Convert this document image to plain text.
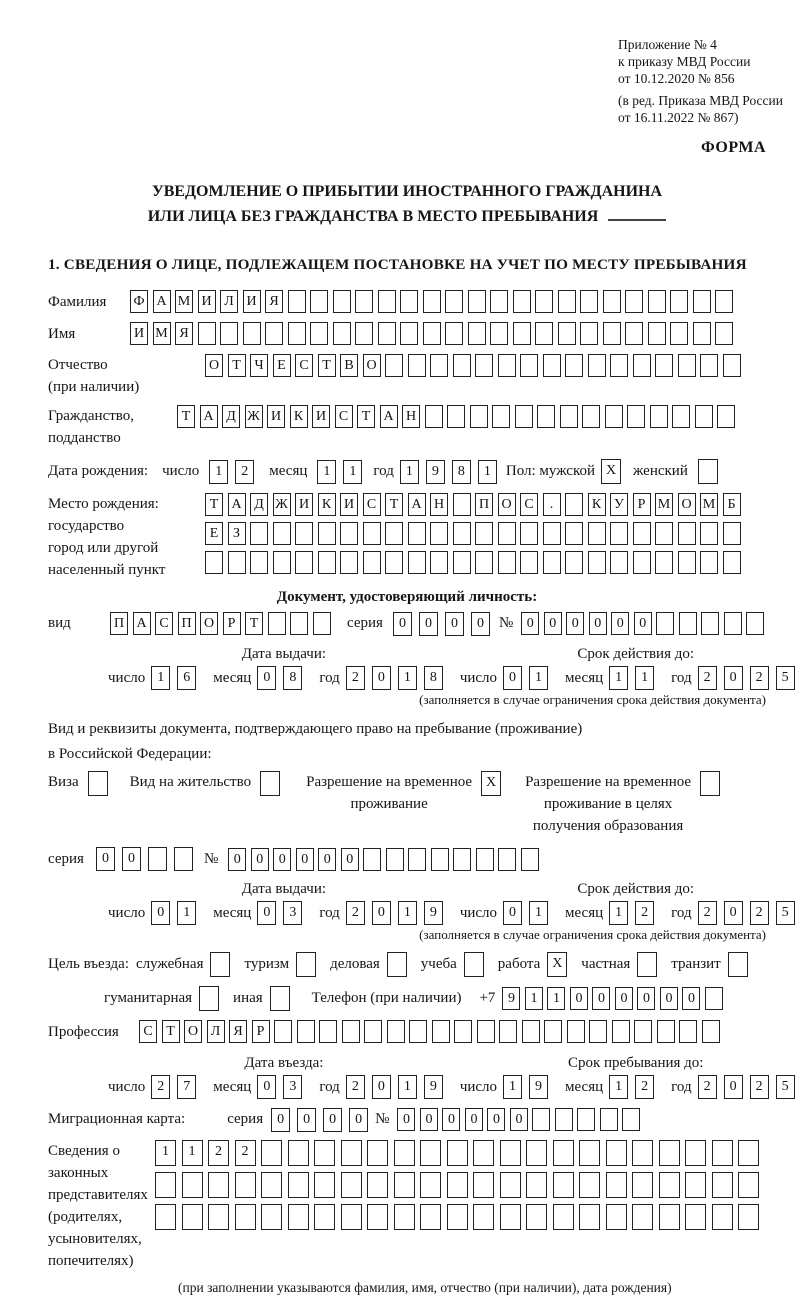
Приложение № 4
к приказу МВД России
от 10.12.2020 № 856
(в ред. Приказа МВД России
от 16.11.2022 № 867)
ФОРМА
УВЕДОМЛЕНИЕ О ПРИБЫТИИ ИНОСТРАННОГО ГРАЖДАНИНА
ИЛИ ЛИЦА БЕЗ ГРАЖДАНСТВА В МЕСТО ПРЕБЫВАНИЯ
1. СВЕДЕНИЯ О ЛИЦЕ, ПОДЛЕЖАЩЕМ ПОСТАНОВКЕ НА УЧЕТ ПО МЕСТУ ПРЕБЫВАНИЯ
Фамилия	Ф А М И Л И Я
Имя	И М Я
Отчество
(при наличии)
О Т Ч Е С Т В О
Гражданство,
подданство
Т А Д Ж И К И С Т А Н
Дата рождения: число	1	2	месяц	1	1	год 1	9	8	1	Пол: мужской X	женский
Место рождения:
государство
город или другой
населенный пункт
Т А Д Ж И К И С Т А Н П О С	.	К У Р М О М Б

Е	З

Документ, удостоверяющий личность:
вид	П А С П О Р	Т	серия	0	0	0	0	№ 0	0	0	0	0	0
Дата выдачи:
число 1	6	месяц 0	8	год 2	0	1	8
Срок действия до:
число 0	1	месяц 1	1	год 2	0	2	5
(заполняется в случае ограничения срока действия документа)
Вид и реквизиты документа, подтверждающего право на пребывание (проживание)
в Российской Федерации:
Виза	Вид на жительство	Разрешение на временное
проживание
X	Разрешение на временное
проживание в целях
получения образования
серия	0	0	№	0	0	0	0	0	0
Дата выдачи:
число 0	1	месяц 0	3	год 2	0	1	9
Срок действия до:
число 0	1	месяц 1	2	год 2	0	2	5
(заполняется в случае ограничения срока действия документа)
Цель въезда: служебная	туризм	деловая	учеба	работа X	частная	транзит
гуманитарная	иная	Телефон (при наличии) +7 9	1	1	0	0	0	0	0	0
Профессия	С Т О Л Я Р
Дата въезда:
число 2	7	месяц 0	3	год 2	0	1	9
Срок пребывания до:
число 1	9	месяц 1	2	год 2	0	2	5
Миграционная карта:	серия	0	0	0	0 № 0	0	0	0	0	0
Сведения о
законных
представителях
(родителях,
усыновителях,
попечителях)
1	1	2	2

(при заполнении указываются фамилия, имя, отчество (при наличии), дата рождения)
